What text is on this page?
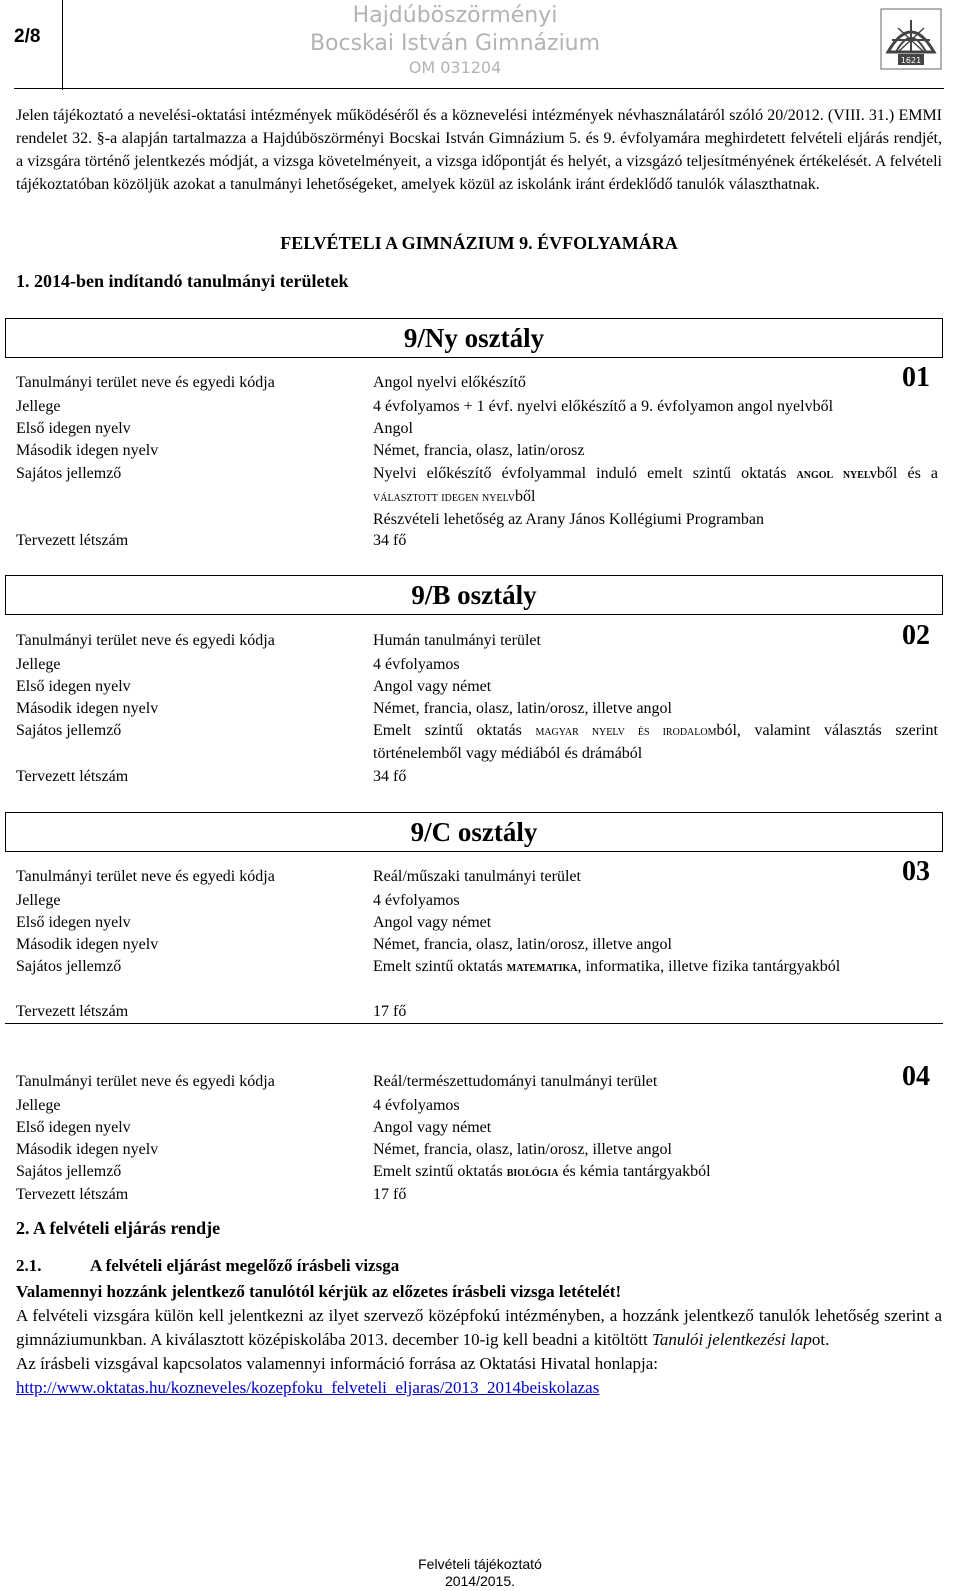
2/8
Hajdúböszörményi
Bocskai István Gimnázium
OM 031204	1621
Jelen tájékoztató a nevelési-oktatási intézmények működéséről és a köznevelési intézmények névhasználatáról szóló 20/2012. (VIII. 31.) EMMI rendelet 32. §-a alapján tartalmazza a Hajdúböszörményi Bocskai István Gimnázium 5. és 9. évfolyamára meghirdetett felvételi eljárás rendjét, a vizsgára történő jelentkezés módját, a vizsga követelményeit, a vizsga időpontját és helyét, a vizsgázó teljesítményének értékelését. A felvételi tájékoztatóban közöljük azokat a tanulmányi lehetőségeket, amelyek közül az iskolánk iránt érdeklődő tanulók választhatnak.
FELVÉTELI A GIMNÁZIUM 9. ÉVFOLYAMÁRA
1. 2014-ben indítandó tanulmányi területek
9/Ny osztály
Tanulmányi terület neve és egyedi kódja	Angol nyelvi előkészítő	01
Jellege	4 évfolyamos + 1 évf. nyelvi előkészítő a 9. évfolyamon angol nyelvből
Első idegen nyelv	Angol
Második idegen nyelv	Német, francia, olasz, latin/orosz
Sajátos jellemző	Nyelvi előkészítő évfolyammal induló emelt szintű oktatás angol nyelvből és a választott idegen nyelvből
Részvételi lehetőség az Arany János Kollégiumi Programban
Tervezett létszám	34 fő
9/B osztály
Tanulmányi terület neve és egyedi kódja	Humán tanulmányi terület	02
Jellege	4 évfolyamos
Első idegen nyelv	Angol vagy német
Második idegen nyelv	Német, francia, olasz, latin/orosz, illetve angol
Sajátos jellemző	Emelt szintű oktatás magyar nyelv és irodalomból, valamint választás szerint történelemből vagy médiából és drámából
Tervezett létszám	34 fő
9/C osztály
Tanulmányi terület neve és egyedi kódja	Reál/műszaki tanulmányi terület	03
Jellege	4 évfolyamos
Első idegen nyelv	Angol vagy német
Második idegen nyelv	Német, francia, olasz, latin/orosz, illetve angol
Sajátos jellemző	Emelt szintű oktatás matematika, informatika, illetve fizika tantárgyakból
Tervezett létszám	17 fő
Tanulmányi terület neve és egyedi kódja	Reál/természettudományi tanulmányi terület	04
Jellege	4 évfolyamos
Első idegen nyelv	Angol vagy német
Második idegen nyelv	Német, francia, olasz, latin/orosz, illetve angol
Sajátos jellemző	Emelt szintű oktatás biológia és kémia tantárgyakból
Tervezett létszám	17 fő
2. A felvételi eljárás rendje
2.1.	A felvételi eljárást megelőző írásbeli vizsga
Valamennyi hozzánk jelentkező tanulótól kérjük az előzetes írásbeli vizsga letételét!
A felvételi vizsgára külön kell jelentkezni az ilyet szervező középfokú intézményben, a hozzánk jelentkező tanulók lehetőség szerint a gimnáziumunkban. A kiválasztott középiskolába 2013. december 10-ig kell beadni a kitöltött Tanulói jelentkezési lapot.
Az írásbeli vizsgával kapcsolatos valamennyi információ forrása az Oktatási Hivatal honlapja:
http://www.oktatas.hu/kozneveles/kozepfoku_felveteli_eljaras/2013_2014beiskolazas
Felvételi tájékoztató
2014/2015.
